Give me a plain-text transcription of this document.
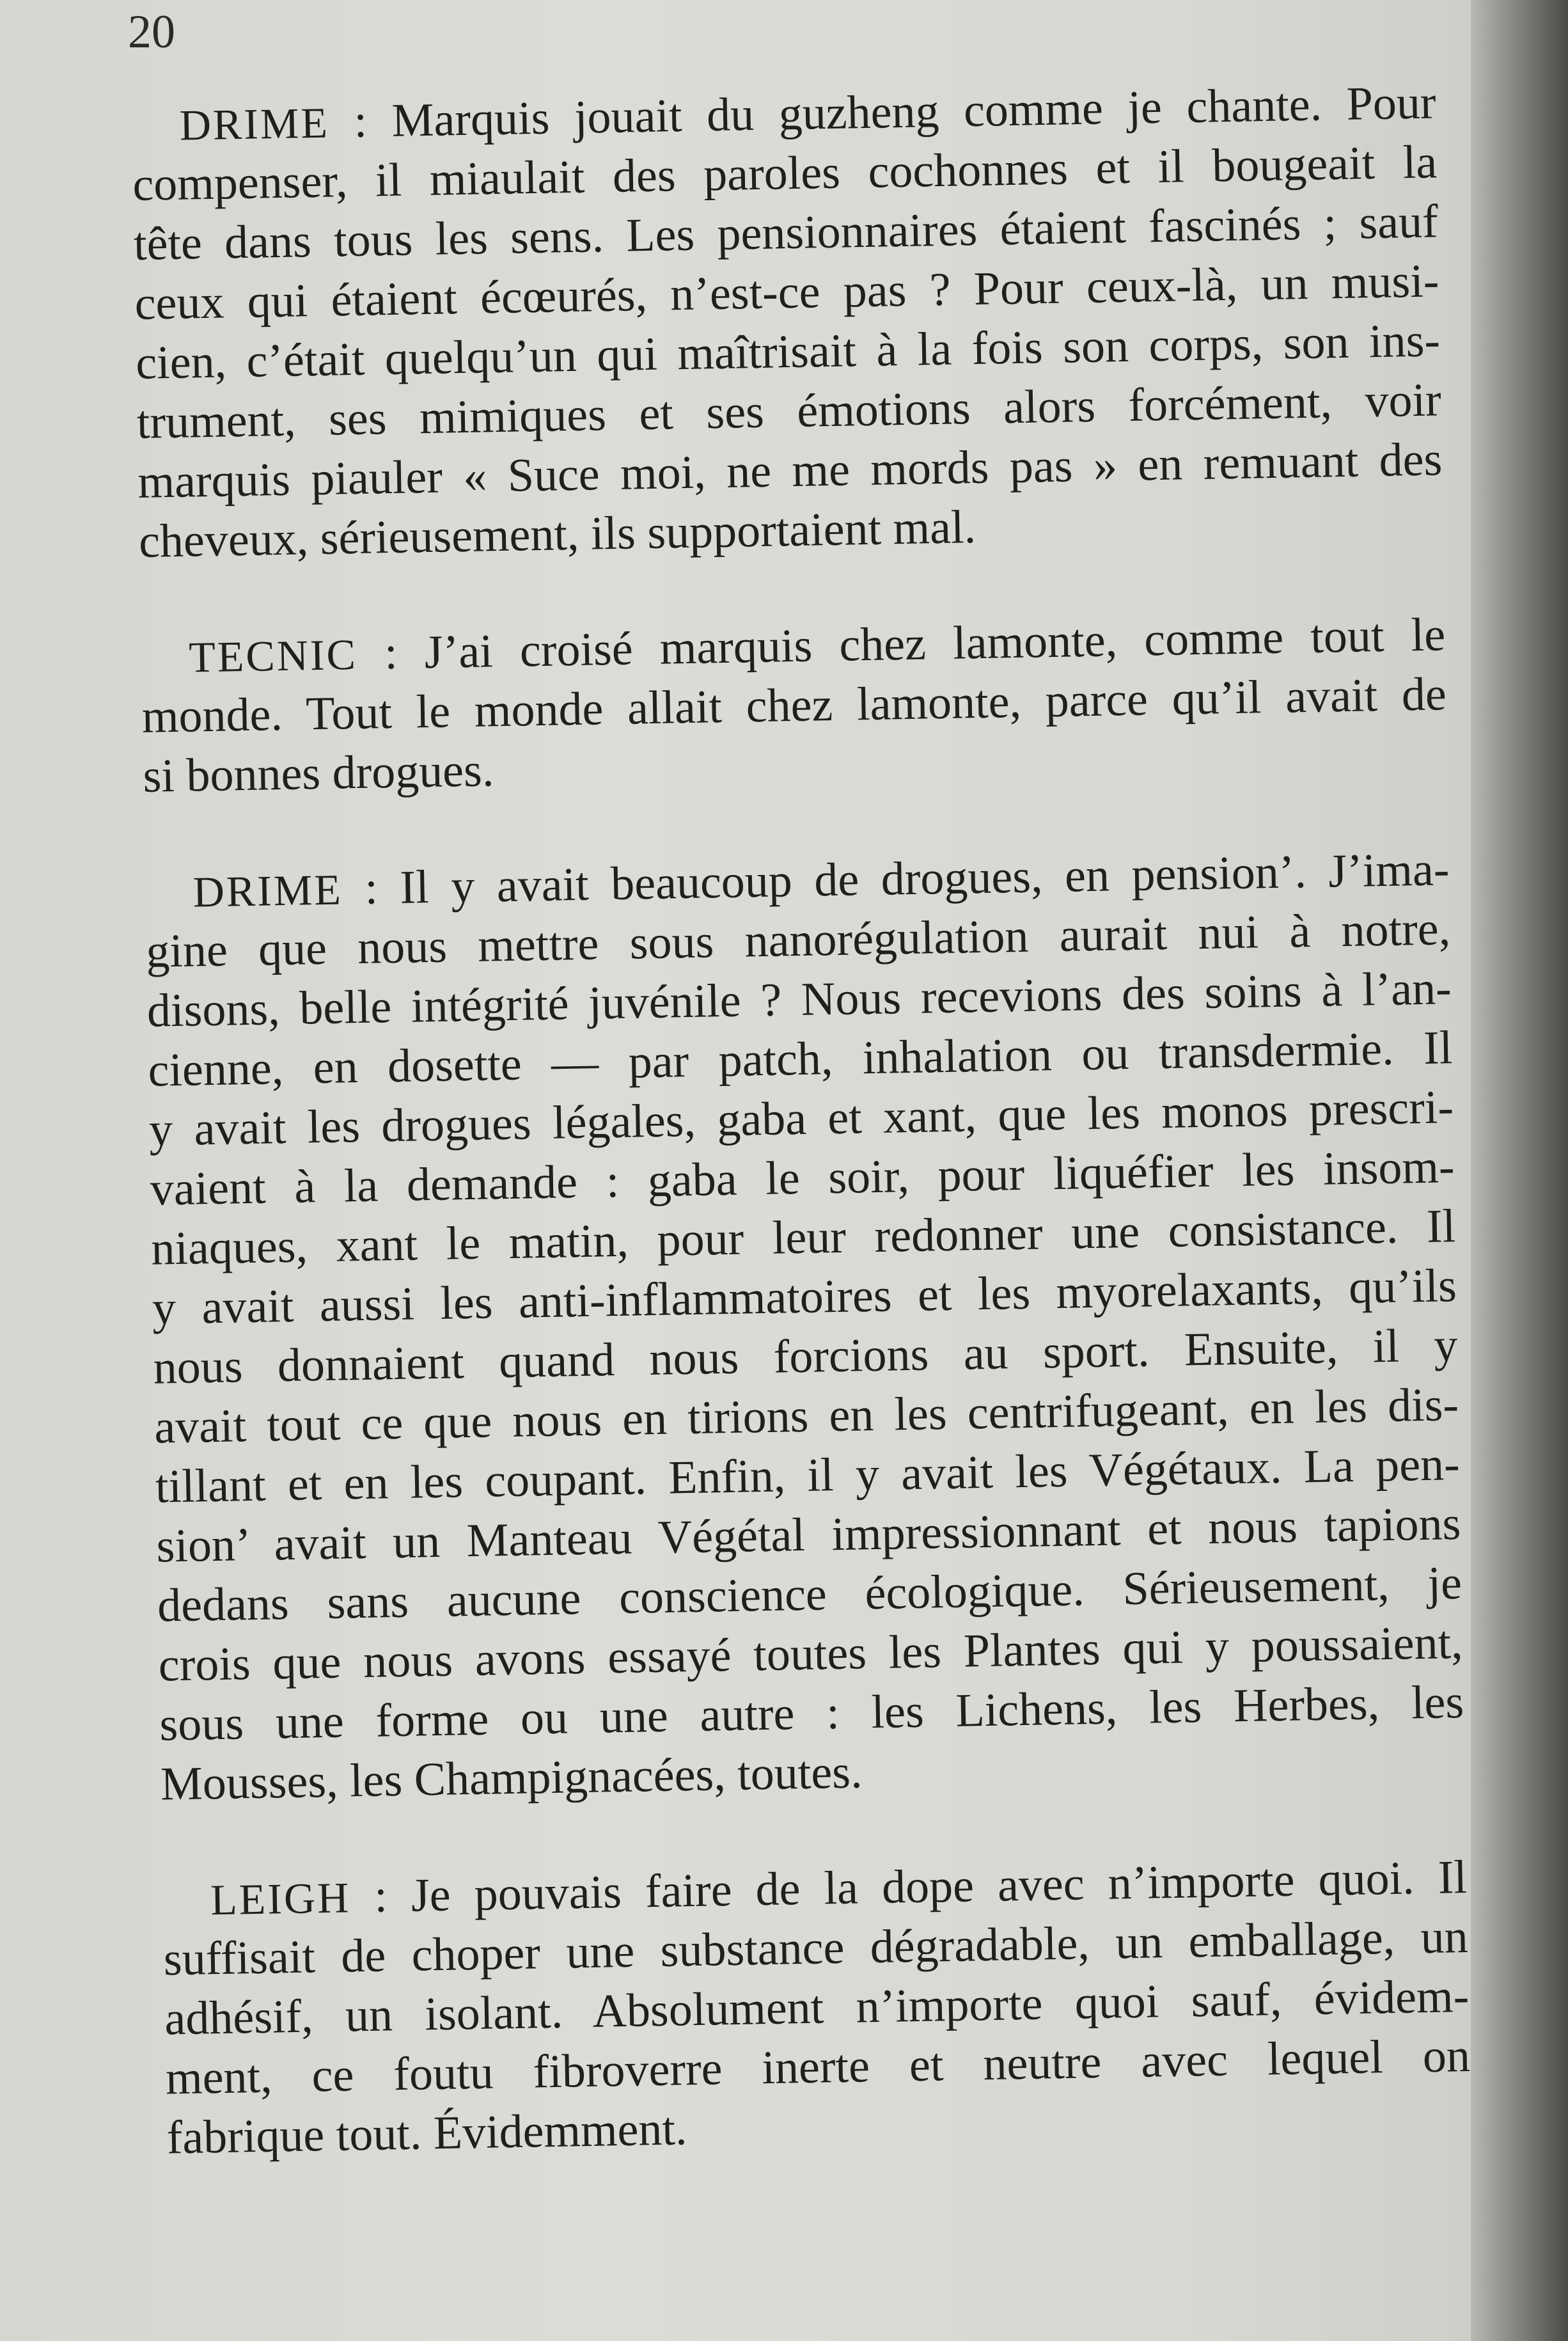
20
DRIME : Marquis jouait du guzheng comme je chante. Pour
compenser, il miaulait des paroles cochonnes et il bougeait la
tête dans tous les sens. Les pensionnaires étaient fascinés ; sauf
ceux qui étaient écœurés, n’est-ce pas ? Pour ceux-là, un musi-
cien, c’était quelqu’un qui maîtrisait à la fois son corps, son ins-
trument, ses mimiques et ses émotions alors forcément, voir
marquis piauler « Suce moi, ne me mords pas » en remuant des
cheveux, sérieusement, ils supportaient mal.
TECNIC : J’ai croisé marquis chez lamonte, comme tout le
monde. Tout le monde allait chez lamonte, parce qu’il avait de
si bonnes drogues.
DRIME : Il y avait beaucoup de drogues, en pension’. J’ima-
gine que nous mettre sous nanorégulation aurait nui à notre,
disons, belle intégrité juvénile ? Nous recevions des soins à l’an-
cienne, en dosette — par patch, inhalation ou transdermie. Il
y avait les drogues légales, gaba et xant, que les monos prescri-
vaient à la demande : gaba le soir, pour liquéfier les insom-
niaques, xant le matin, pour leur redonner une consistance. Il
y avait aussi les anti-inflammatoires et les myorelaxants, qu’ils
nous donnaient quand nous forcions au sport. Ensuite, il y
avait tout ce que nous en tirions en les centrifugeant, en les dis-
tillant et en les coupant. Enfin, il y avait les Végétaux. La pen-
sion’ avait un Manteau Végétal impressionnant et nous tapions
dedans sans aucune conscience écologique. Sérieusement, je
crois que nous avons essayé toutes les Plantes qui y poussaient,
sous une forme ou une autre : les Lichens, les Herbes, les
Mousses, les Champignacées, toutes.
LEIGH : Je pouvais faire de la dope avec n’importe quoi. Il
suffisait de choper une substance dégradable, un emballage, un
adhésif, un isolant. Absolument n’importe quoi sauf, évidem-
ment, ce foutu fibroverre inerte et neutre avec lequel on
fabrique tout. Évidemment.
